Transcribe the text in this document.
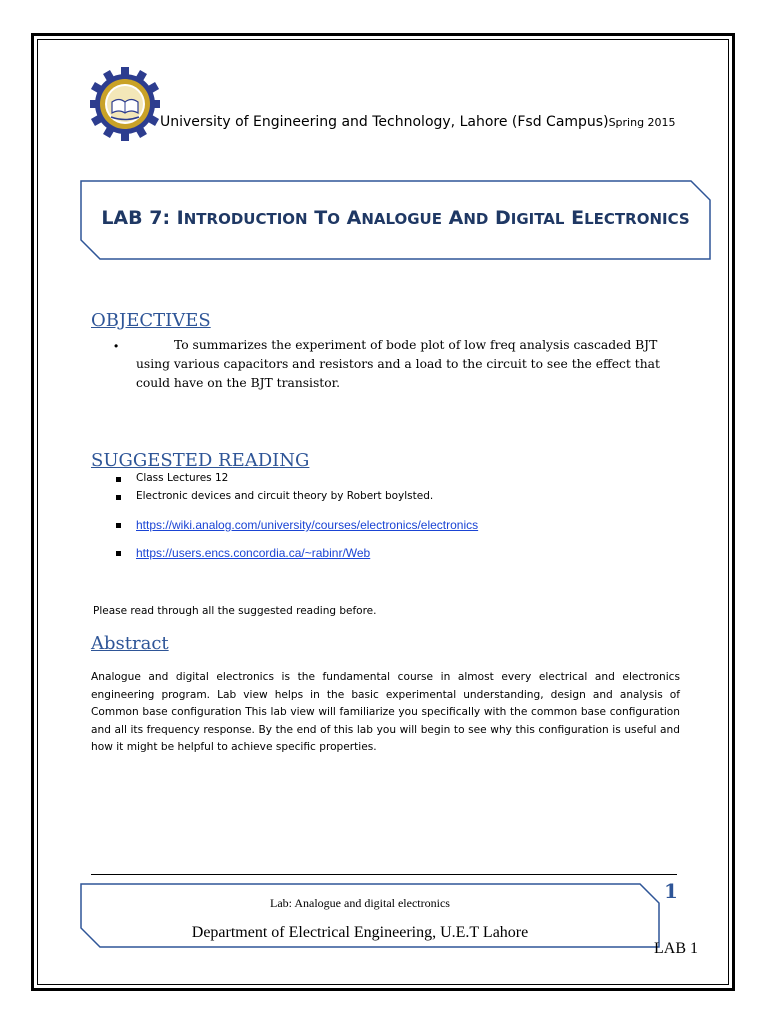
University of Engineering and Technology, Lahore (Fsd Campus)Spring 2015
LAB 7: INTRODUCTION TO ANALOGUE AND DIGITAL ELECTRONICS
OBJECTIVES
•	To summarizes the experiment of bode plot of low freq analysis cascaded BJT using various capacitors and resistors and a load to the circuit to see the effect that could have on the BJT transistor.
SUGGESTED READING
Class Lectures 12
Electronic devices and circuit theory by Robert boylsted.
https://wiki.analog.com/university/courses/electronics/electronics
https://users.encs.concordia.ca/~rabinr/Web
Please read through all the suggested reading before.
Abstract
Analogue and digital electronics is the fundamental course in almost every electrical and electronics engineering program. Lab view helps in the basic experimental understanding, design and analysis of Common base configuration This lab view will familiarize you specifically with the common base configuration and all its frequency response. By the end of this lab you will begin to see why this configuration is useful and how it might be helpful to achieve specific properties.
Lab: Analogue and digital electronics
Department of Electrical Engineering, U.E.T Lahore
1
LAB 1
